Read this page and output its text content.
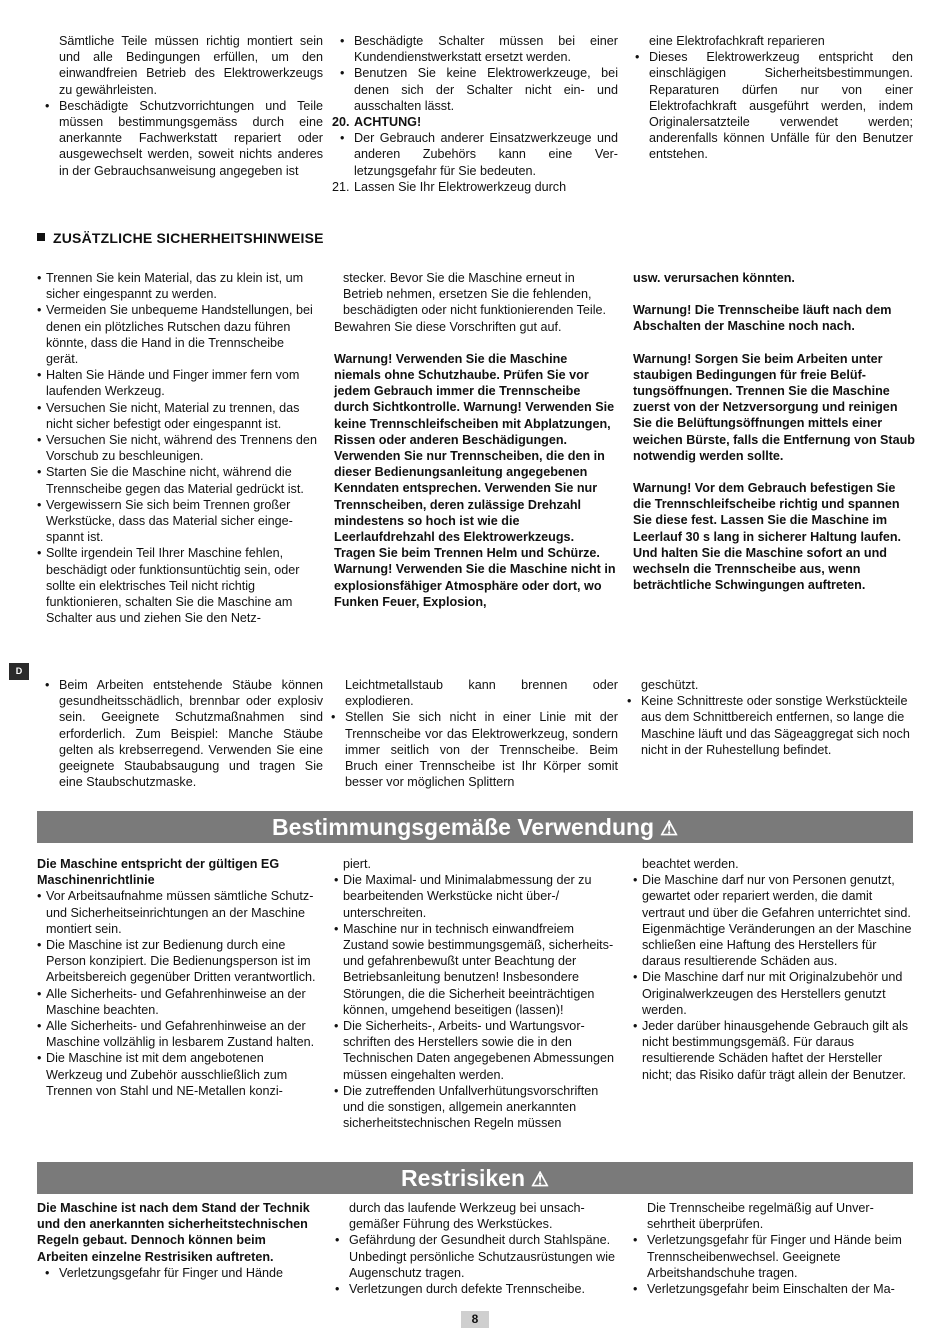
Sämtliche Teile müssen richtig montiert sein und alle Bedingungen erfüllen, um den einwandfreien Betrieb des Elektrowerkzeugs zu gewährleisten.

• Beschädigte Schutzvorrichtungen und Teile müssen bestimmungsgemäss durch eine anerkannte Fachwerkstatt repariert oder ausgewechselt werden, soweit nichts anderes in der Gebrauchsanweisung angegeben ist
• Beschädigte Schalter müssen bei einer Kundendienstwerkstatt ersetzt werden.
• Benutzen Sie keine Elektrowerkzeuge, bei denen sich der Schalter nicht ein- und ausschalten lässt.
20. ACHTUNG!
• Der Gebrauch anderer Einsatzwerkzeuge und anderen Zubehörs kann eine Verletzungsgefahr für Sie bedeuten.
21. Lassen Sie Ihr Elektrowerkzeug durch

eine Elektrofachkraft reparieren

• Dieses Elektrowerkzeug entspricht den einschlägigen Sicherheitsbestimmungen. Reparaturen dürfen nur von einer Elektrofachkraft ausgeführt werden, indem Originalersatzteile verwendet werden; anderenfalls können Unfälle für den Benutzer entstehen.
ZUSÄTZLICHE SICHERHEITSHINWEISE
• Trennen Sie kein Material, das zu klein ist, um sicher eingespannt zu werden.
• Vermeiden Sie unbequeme Handstellungen, bei denen ein plötzliches Rutschen dazu führen könnte, dass die Hand in die Trennscheibe gerät.
• Halten Sie Hände und Finger immer fern vom laufenden Werkzeug.
• Versuchen Sie nicht, Material zu trennen, das nicht sicher befestigt oder eingespannt ist.
• Versuchen Sie nicht, während des Trennens den Vorschub zu beschleunigen.
• Starten Sie die Maschine nicht, während die Trennscheibe gegen das Material gedrückt ist.
• Vergewissern Sie sich beim Trennen großer Werkstücke, dass das Material sicher eingespannt ist.
• Sollte irgendein Teil Ihrer Maschine fehlen, beschädigt oder funktionsuntüchtig sein, oder sollte ein elektrisches Teil nicht richtig funktionieren, schalten Sie die Maschine am Schalter aus und ziehen Sie den Netz-

stecker. Bevor Sie die Maschine erneut in Betrieb nehmen, ersetzen Sie die fehlenden, beschädigten oder nicht funktionierenden Teile.

Bewahren Sie diese Vorschriften gut auf.

Warnung! Verwenden Sie die Maschine niemals ohne Schutzhaube. Prüfen Sie vor jedem Gebrauch immer die Trennscheibe durch Sichtkontrolle. Warnung! Verwenden Sie keine Trennschleifscheiben mit Abplatzungen, Rissen oder anderen Beschädigungen. Verwenden Sie nur Trennscheiben, die den in dieser Bedienungsanleitung angegebenen Kenndaten entsprechen. Verwenden Sie nur Trennscheiben, deren zulässige Drehzahl mindestens so hoch ist wie die Leerlaufdrehzahl des Elektrowerkzeugs. Tragen Sie beim Trennen Helm und Schürze. Warnung! Verwenden Sie die Maschine nicht in explosionsfähiger Atmosphäre oder dort, wo Funken Feuer, Explosion,

usw. verursachen könnten.

Warnung! Die Trennscheibe läuft nach dem Abschalten der Maschine noch nach.

Warnung! Sorgen Sie beim Arbeiten unter staubigen Bedingungen für freie Belüftungsöffnungen. Trennen Sie die Maschine zuerst von der Netzversorgung und reinigen Sie die Belüftungsöffnungen mittels einer weichen Bürste, falls die Entfernung von Staub notwendig werden sollte.

Warnung! Vor dem Gebrauch befestigen Sie die Trennschleifscheibe richtig und spannen Sie diese fest. Lassen Sie die Maschine im Leerlauf 30 s lang in sicherer Haltung laufen. Und halten Sie die Maschine sofort an und wechseln die Trennscheibe aus, wenn beträchtliche Schwingungen auftreten.

D
• Beim Arbeiten entstehende Stäube können gesundheitsschädlich, brennbar oder explosiv sein. Geeignete Schutzmaßnahmen sind erforderlich. Zum Beispiel: Manche Stäube gelten als krebserregend. Verwenden Sie eine geeignete Staubabsaugung und tragen Sie eine Staubschutzmaske.

Leichtmetallstaub kann brennen oder explodieren.

• Stellen Sie sich nicht in einer Linie mit der Trennscheibe vor das Elektrowerkzeug, sondern immer seitlich von der Trennscheibe. Beim Bruch einer Trennscheibe ist Ihr Körper somit besser vor möglichen Splittern

geschützt.

• Keine Schnittreste oder sonstige Werkstückteile aus dem Schnittbereich entfernen, so lange die Maschine läuft und das Sägeaggregat sich noch nicht in der Ruhestellung befindet.
Bestimmungsgemäße Verwendung ⚠

Die Maschine entspricht der gültigen EG Maschinenrichtlinie

• Vor Arbeitsaufnahme müssen sämtliche Schutz- und Sicherheitseinrichtungen an der Maschine montiert sein.
• Die Maschine ist zur Bedienung durch eine Person konzipiert. Die Bedienungsperson ist im Arbeitsbereich gegenüber Dritten verantwortlich.
• Alle Sicherheits- und Gefahrenhinweise an der Maschine beachten.
• Alle Sicherheits- und Gefahrenhinweise an der Maschine vollzählig in lesbarem Zustand halten.
• Die Maschine ist mit dem angebotenen Werkzeug und Zubehör ausschließlich zum Trennen von Stahl und NE-Metallen konzi-

piert.

• Die Maximal- und Minimalabmessung der zu bearbeitenden Werkstücke nicht über-/ unterschreiten.
• Maschine nur in technisch einwandfreiem Zustand sowie bestimmungsgemäß, sicherheits- und gefahrenbewußt unter Beachtung der Betriebsanleitung benutzen! Insbesondere Störungen, die die Sicherheit beeinträchtigen können, umgehend beseitigen (lassen)!
• Die Sicherheits-, Arbeits- und Wartungsvorschriften des Herstellers sowie die in den Technischen Daten angegebenen Abmessungen müssen eingehalten werden.
• Die zutreffenden Unfallverhütungsvorschriften und die sonstigen, allgemein anerkannten sicherheitstechnischen Regeln müssen

beachtet werden.

• Die Maschine darf nur von Personen genutzt, gewartet oder repariert werden, die damit vertraut und über die Gefahren unterrichtet sind. Eigenmächtige Veränderungen an der Maschine schließen eine Haftung des Herstellers für daraus resultierende Schäden aus.
• Die Maschine darf nur mit Originalzubehör und Originalwerkzeugen des Herstellers genutzt werden.
• Jeder darüber hinausgehende Gebrauch gilt als nicht bestimmungsgemäß. Für daraus resultierende Schäden haftet der Hersteller nicht; das Risiko dafür trägt allein der Benutzer.
Restrisiken ⚠

Die Maschine ist nach dem Stand der Technik und den anerkannten sicherheitstechnischen Regeln gebaut. Dennoch können beim Arbeiten einzelne Restrisiken auftreten.

• Verletzungsgefahr für Finger und Hände

durch das laufende Werkzeug bei unsachgemäßer Führung des Werkstückes.

• Gefährdung der Gesundheit durch Stahlspäne. Unbedingt persönliche Schutzausrüstungen wie Augenschutz tragen.
• Verletzungen durch defekte Trennscheibe.

Die Trennscheibe regelmäßig auf Unversehrtheit überprüfen.

• Verletzungsgefahr für Finger und Hände beim Trennscheibenwechsel. Geeignete Arbeitshandschuhe tragen.
• Verletzungsgefahr beim Einschalten der Ma-
8
